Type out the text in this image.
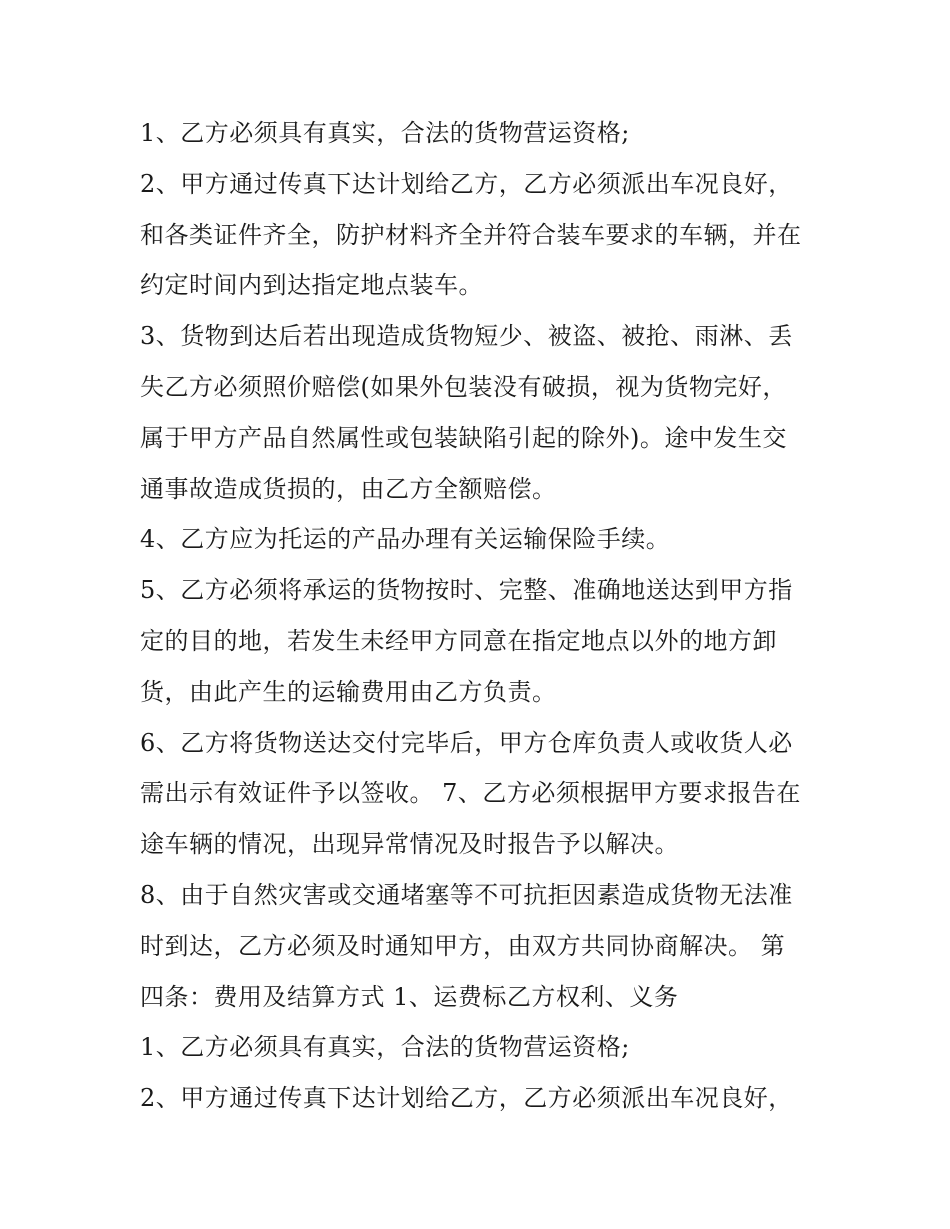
1、乙方必须具有真实，合法的货物营运资格;

2、甲方通过传真下达计划给乙方，乙方必须派出车况良好，
和各类证件齐全，防护材料齐全并符合装车要求的车辆，并在
约定时间内到达指定地点装车。

3、货物到达后若出现造成货物短少、被盗、被抢、雨淋、丢
失乙方必须照价赔偿(如果外包装没有破损，视为货物完好，
属于甲方产品自然属性或包装缺陷引起的除外)。途中发生交
通事故造成货损的，由乙方全额赔偿。

4、乙方应为托运的产品办理有关运输保险手续。

5、乙方必须将承运的货物按时、完整、准确地送达到甲方指
定的目的地，若发生未经甲方同意在指定地点以外的地方卸
货，由此产生的运输费用由乙方负责。

6、乙方将货物送达交付完毕后，甲方仓库负责人或收货人必
需出示有效证件予以签收。 7、乙方必须根据甲方要求报告在
途车辆的情况，出现异常情况及时报告予以解决。

8、由于自然灾害或交通堵塞等不可抗拒因素造成货物无法准
时到达，乙方必须及时通知甲方，由双方共同协商解决。 第
四条：费用及结算方式 1、运费标乙方权利、义务

1、乙方必须具有真实，合法的货物营运资格;

2、甲方通过传真下达计划给乙方，乙方必须派出车况良好，
